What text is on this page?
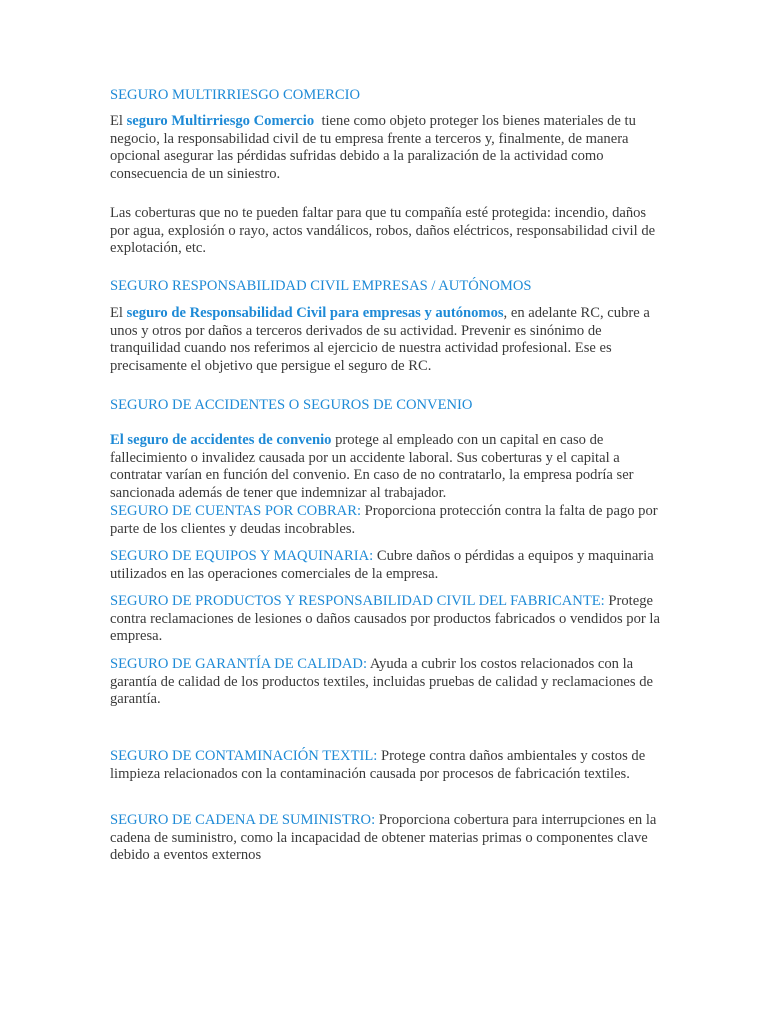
SEGURO MULTIRRIESGO COMERCIO

El seguro Multirriesgo Comercio  tiene como objeto proteger los bienes materiales de tu negocio, la responsabilidad civil de tu empresa frente a terceros y, finalmente, de manera opcional asegurar las pérdidas sufridas debido a la paralización de la actividad como consecuencia de un siniestro.

Las coberturas que no te pueden faltar para que tu compañía esté protegida: incendio, daños por agua, explosión o rayo, actos vandálicos, robos, daños eléctricos, responsabilidad civil de explotación, etc.

SEGURO RESPONSABILIDAD CIVIL EMPRESAS / AUTÓNOMOS

El seguro de Responsabilidad Civil para empresas y autónomos, en adelante RC, cubre a unos y otros por daños a terceros derivados de su actividad. Prevenir es sinónimo de tranquilidad cuando nos referimos al ejercicio de nuestra actividad profesional. Ese es precisamente el objetivo que persigue el seguro de RC.

SEGURO DE ACCIDENTES O SEGUROS DE CONVENIO

El seguro de accidentes de convenio protege al empleado con un capital en caso de fallecimiento o invalidez causada por un accidente laboral. Sus coberturas y el capital a contratar varían en función del convenio. En caso de no contratarlo, la empresa podría ser sancionada además de tener que indemnizar al trabajador.

SEGURO DE CUENTAS POR COBRAR: Proporciona protección contra la falta de pago por parte de los clientes y deudas incobrables.

SEGURO DE EQUIPOS Y MAQUINARIA: Cubre daños o pérdidas a equipos y maquinaria utilizados en las operaciones comerciales de la empresa.

SEGURO DE PRODUCTOS Y RESPONSABILIDAD CIVIL DEL FABRICANTE: Protege contra reclamaciones de lesiones o daños causados por productos fabricados o vendidos por la empresa.

SEGURO DE GARANTÍA DE CALIDAD: Ayuda a cubrir los costos relacionados con la garantía de calidad de los productos textiles, incluidas pruebas de calidad y reclamaciones de garantía.

SEGURO DE CONTAMINACIÓN TEXTIL: Protege contra daños ambientales y costos de limpieza relacionados con la contaminación causada por procesos de fabricación textiles.

SEGURO DE CADENA DE SUMINISTRO: Proporciona cobertura para interrupciones en la cadena de suministro, como la incapacidad de obtener materias primas o componentes clave debido a eventos externos
